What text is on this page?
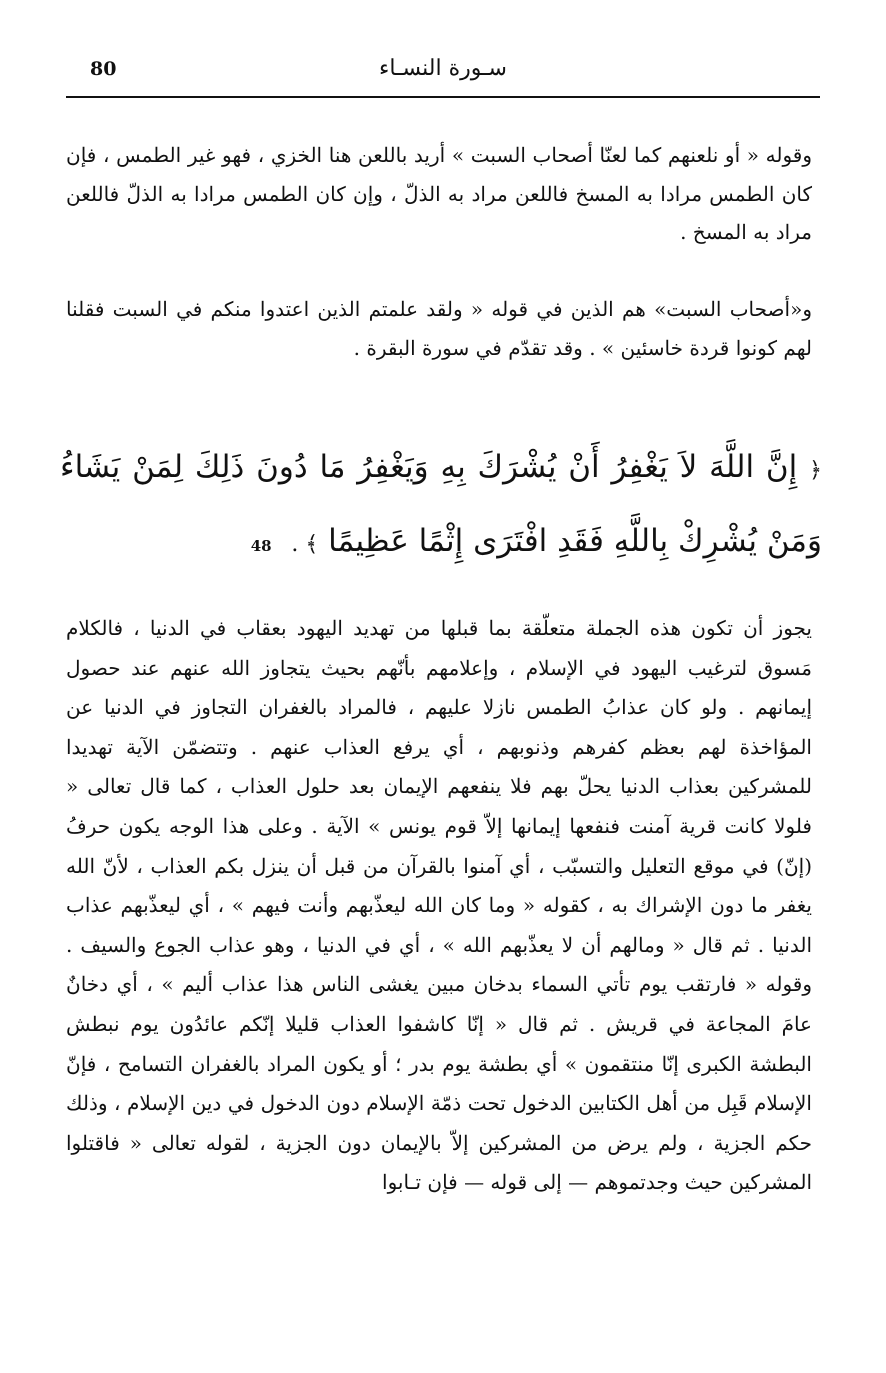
80	سـورة النسـاء

وقوله « أو نلعنهم كما لعنّا أصحاب السبت » أريد باللعن هنا الخزي ، فهو غير الطمس ، فإن كان الطمس مرادا به المسخ فاللعن مراد به الذلّ ، وإن كان الطمس مرادا به الذلّ فاللعن مراد به المسخ .

و«أصحاب السبت» هم الذين في قوله « ولقد علمتم الذين اعتدوا منكم في السبت فقلنا لهم كونوا قردة خاسئين » . وقد تقدّم في سورة البقرة .

﴿ إِنَّ اللَّهَ لاَ يَغْفِرُ أَنْ يُشْرَكَ بِهِ وَيَغْفِرُ مَا دُونَ ذَلِكَ لِمَنْ يَشَاءُ وَمَنْ يُشْرِكْ بِاللَّهِ فَقَدِ افْتَرَى إِثْمًا عَظِيمًا ﴾ . 48

يجوز أن تكون هذه الجملة متعلّقة بما قبلها من تهديد اليهود بعقاب في الدنيا ، فالكلام مَسوق لترغيب اليهود في الإسلام ، وإعلامهم بأنّهم بحيث يتجاوز الله عنهم عند حصول إيمانهم . ولو كان عذابُ الطمس نازلا عليهم ، فالمراد بالغفران التجاوز في الدنيا عن المؤاخذة لهم بعظم كفرهم وذنوبهم ، أي يرفع العذاب عنهم . وتتضمّن الآية تهديدا للمشركين بعذاب الدنيا يحلّ بهم فلا ينفعهم الإيمان بعد حلول العذاب ، كما قال تعالى « فلولا كانت قرية آمنت فنفعها إيمانها إلاّ قوم يونس » الآية . وعلى هذا الوجه يكون حرفُ (إنّ) في موقع التعليل والتسبّب ، أي آمنوا بالقرآن من قبل أن ينزل بكم العذاب ، لأنّ الله يغفر ما دون الإشراك به ، كقوله « وما كان الله ليعذّبهم وأنت فيهم » ، أي ليعذّبهم عذاب الدنيا . ثم قال « ومالهم أن لا يعذّبهم الله » ، أي في الدنيا ، وهو عذاب الجوع والسيف . وقوله « فارتقب يوم تأتي السماء بدخان مبين يغشى الناس هذا عذاب أليم » ، أي دخانٌ عامَ المجاعة في قريش . ثم قال « إنّا كاشفوا العذاب قليلا إنّكم عائدُون يوم نبطش البطشة الكبرى إنّا منتقمون » أي بطشة يوم بدر ؛ أو يكون المراد بالغفران التسامح ، فإنّ الإسلام قَبِل من أهل الكتابين الدخول تحت ذمّة الإسلام دون الدخول في دين الإسلام ، وذلك حكم الجزية ، ولم يرض من المشركين إلاّ بالإيمان دون الجزية ، لقوله تعالى « فاقتلوا المشركين حيث وجدتموهم — إلى قوله — فإن تـابوا
